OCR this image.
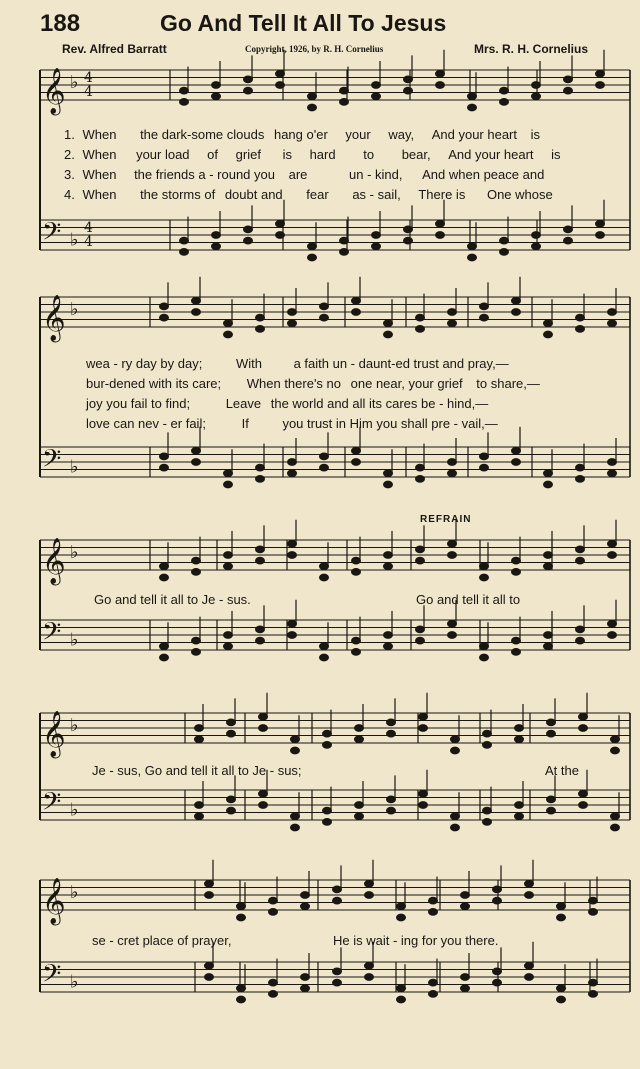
188	Go And Tell It All To Jesus
Rev. Alfred Barratt	Copyright, 1926, by R. H. Cornelius	Mrs. R. H. Cornelius
𝄞
𝄢
♭
♭
𝄞
𝄢
♭
♭
𝄞
𝄢
♭
♭
𝄞
𝄢
♭
♭
𝄞
𝄢
♭
♭
4
4
4
4
1. When the dark-some clouds hang o'er your way, And your heart is
2. When your load of grief is hard to bear, And your heart is
3. When the friends a - round you are	un - kind, And when peace and
4. When the storms of doubt and fear as - sail, There is One whose
wea - ry day by day;	With a faith un - daunt-ed trust and pray,—
bur-dened with its care; When there's no one near, your grief to share,—
joy you fail to find;	Leave the world and all its cares be - hind,—
love can nev - er fail;	If	you trust in Him you shall pre - vail,—
REFRAIN
Go and tell it all to Je - sus.	Go and tell it all to
Je - sus, Go and tell it all to Je - sus;	At the
se - cret place of prayer,	He is wait - ing for you there.
